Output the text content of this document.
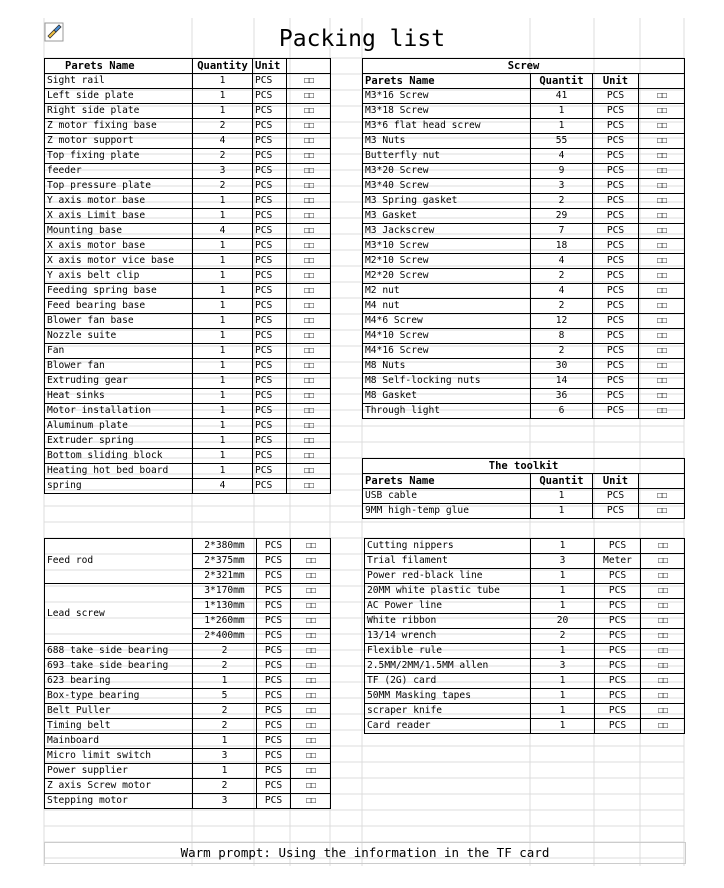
Packing list
Parets Name	Quantity	Unit	
Sight rail	1	PCS	☐☐
Left side plate	1	PCS	☐☐
Right side plate	1	PCS	☐☐
Z motor fixing base	2	PCS	☐☐
Z motor support	4	PCS	☐☐
Top fixing plate	2	PCS	☐☐
feeder	3	PCS	☐☐
Top pressure plate	2	PCS	☐☐
Y axis motor base	1	PCS	☐☐
X axis Limit base	1	PCS	☐☐
Mounting base	4	PCS	☐☐
X axis motor base	1	PCS	☐☐
X axis motor vice base	1	PCS	☐☐
Y axis belt clip	1	PCS	☐☐
Feeding spring base	1	PCS	☐☐
Feed bearing base	1	PCS	☐☐
Blower fan base	1	PCS	☐☐
Nozzle suite	1	PCS	☐☐
Fan	1	PCS	☐☐
Blower fan	1	PCS	☐☐
Extruding gear	1	PCS	☐☐
Heat sinks	1	PCS	☐☐
Motor installation	1	PCS	☐☐
Aluminum plate	1	PCS	☐☐
Extruder spring	1	PCS	☐☐
Bottom sliding block	1	PCS	☐☐
Heating hot bed board	1	PCS	☐☐
spring	4	PCS	☐☐
Screw			
Parets Name	Quantit	Unit	
M3*16 Screw	41	PCS	☐☐
M3*18 Screw	1	PCS	☐☐
M3*6 flat head screw	1	PCS	☐☐
M3 Nuts	55	PCS	☐☐
Butterfly nut	4	PCS	☐☐
M3*20 Screw	9	PCS	☐☐
M3*40 Screw	3	PCS	☐☐
M3 Spring gasket	2	PCS	☐☐
M3 Gasket	29	PCS	☐☐
M3 Jackscrew	7	PCS	☐☐
M3*10 Screw	18	PCS	☐☐
M2*10 Screw	4	PCS	☐☐
M2*20 Screw	2	PCS	☐☐
M2 nut	4	PCS	☐☐
M4 nut	2	PCS	☐☐
M4*6 Screw	12	PCS	☐☐
M4*10 Screw	8	PCS	☐☐
M4*16 Screw	2	PCS	☐☐
M8 Nuts	30	PCS	☐☐
M8 Self-locking nuts	14	PCS	☐☐
M8 Gasket	36	PCS	☐☐
Through light	6	PCS	☐☐
The toolkit			
Parets Name	Quantit	Unit	
USB cable	1	PCS	☐☐
9MM high-temp glue	1	PCS	☐☐
Feed rod	2*380mm	PCS	☐☐
	2*375mm	PCS	☐☐
	2*321mm	PCS	☐☐
Lead screw	3*170mm	PCS	☐☐
	1*130mm	PCS	☐☐
	1*260mm	PCS	☐☐
	2*400mm	PCS	☐☐
688 take side bearing	2	PCS	☐☐
693 take side bearing	2	PCS	☐☐
623 bearing	1	PCS	☐☐
Box-type bearing	5	PCS	☐☐
Belt Puller	2	PCS	☐☐
Timing belt	2	PCS	☐☐
Mainboard	1	PCS	☐☐
Micro limit switch	3	PCS	☐☐
Power supplier	1	PCS	☐☐
Z axis Screw motor	2	PCS	☐☐
Stepping motor	3	PCS	☐☐
Cutting nippers	1	PCS	☐☐
Trial filament	3	Meter	☐☐
Power red-black line	1	PCS	☐☐
20MM white plastic tube	1	PCS	☐☐
AC Power line	1	PCS	☐☐
White ribbon	20	PCS	☐☐
13/14 wrench	2	PCS	☐☐
Flexible rule	1	PCS	☐☐
2.5MM/2MM/1.5MM allen	3	PCS	☐☐
TF (2G) card	1	PCS	☐☐
50MM Masking tapes	1	PCS	☐☐
scraper knife	1	PCS	☐☐
Card reader	1	PCS	☐☐
Warm prompt: Using the information in the TF card
